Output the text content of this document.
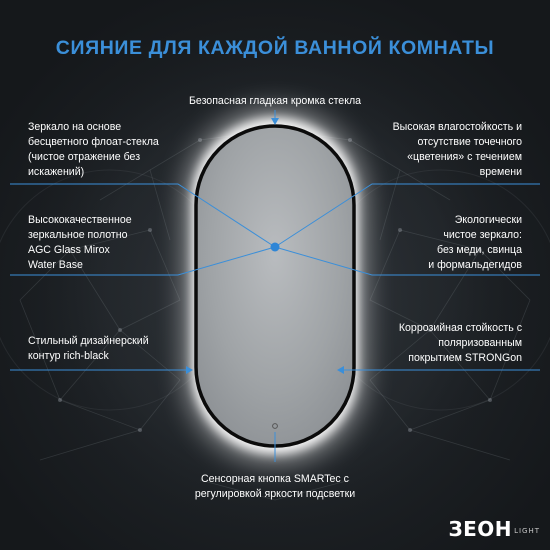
СИЯНИЕ ДЛЯ КАЖДОЙ ВАННОЙ КОМНАТЫ
Безопасная гладкая кромка стекла
Зеркало на основе
бесцветного флоат-стекла
(чистое отражение без
искажений)
Высокая влагостойкость и
отсутствие точечного
«цветения» с течением
времени
Высококачественное
зеркальное полотно
AGC Glass Mirox
Water Base
Экологически
чистое зеркало:
без меди, свинца
и формальдегидов
Стильный дизайнерский
контур rich-black
Коррозийная стойкость с
поляризованным
покрытием STRONGon
Сенсорная кнопка SMARTec с
регулировкой яркости подсветки
ЗЕОН LIGHT
